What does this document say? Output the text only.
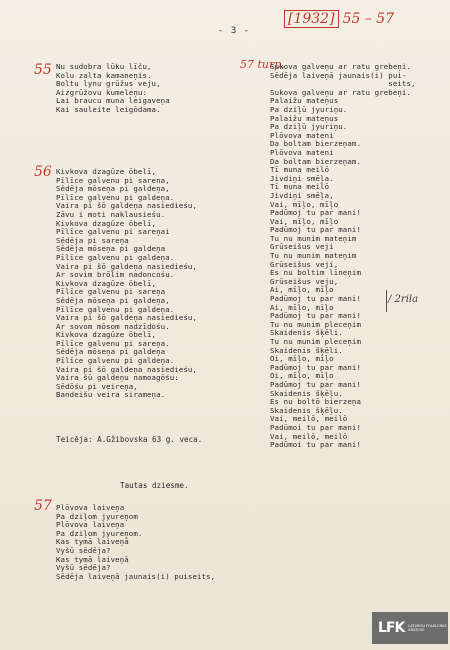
- 3 -
[1932] 55 – 57
55
56
57 turp.
57
Nu sudobra lūku līču,
Kolu zalta kamaneņis.
Boltu lynu grūžus veju,
Aizgrūžovu kumeleņu:
Lai braucu muna leigaveņa
Kai sauleite leigōdama.
Kivkova dzagūze ōbelī,
Pīlīce galvenu pi sarena,
Sēdēja mōseņa pi galdeņa,
Pīlīce galvenu pi galdeņa.
Vaira pi šō galdeņa nasiedieśu,
Zāvu i moti naklausieśu.
Kivkova dzagūze ōbelī,
Pīlīce galvenu pi sareņai
Sēdēja pi sareņa
Sēdēja mōseņa pi galdeņa
Pīlīce galvenu pi galdeņa.
Vaira pi šō galdeņa nasiedieśu,
Ar sovim brōlim nadoncośu.
Kivkova dzagūze ōbelī,
Pīlīce galvenu pi sareņa
Sēdēja mōseņa pi galdeņa,
Pīlīce galvenu pi galdeņa.
Vaira pi šō galdeņa nasiedieśu,
Ar sovom mōsom nadzīdośu.
Kivkova dzagūze ōbelī,
Pīlīce galvenu pi sareņa.
Sēdēja mōseņa pi galdeņa
Pīlīce galvenu pi galdeņa.
Vaira pi šō galdeņa nasiedieśu,
Vaira šū galdeņu namoagōśu:
Sēdōśu pi veireņa,
Bandeišu veira sirameņa.
Teicēja: A.Gžibovska 63 g. veca.
Tautas dziesme.
Plōvova laiveņa
Pa dziļom jyureņom
Plōvova laiveņa
Pa dziļom jyureņom.
Kas tymā laiveņā
Vyšū sēdēja?
Kas tymā laiveņā
Vyšū sēdēja?
Sēdēja laiveņā jaunais(i) puiseits,
Sukova galveņu ar ratu grebeņi.
Sēdēja laiveņā jaunais(i) pui-
seits,
Sukova galveņu ar ratu grebeņi.
Palaižu mateņus
Pa dziļū jyuriņu.
Palaižu mateņus
Pa dziļū jyuriņu.
Plōvova mateni
Da boltam bierzeņam.
Plōvova mateni
Da boltam bierzeņam.
Tī muna meilō
Jivdiņi smēļa.
Tī muna meilō
Jivdiņi smēļa,
Vai, mīļo, mīļo
Padūmoj tu par mani!
Vai, mīļo, mīļo
Padūmoj tu par mani!
Tu nu munim mateņim
Grūseišus veji
Tu nu munim mateņim
Grūseišus veji,
Es nu boltim līneņim
Grūseišus veju,
Ai, mīļo, mīļo
Padūmoj tu par mani!
Ai, mīļo, mīļo
Padūmoj tu par mani!
Tu nu munim pleceņim
Skaidenis šķēli.
Tu nu munim pleceņim
Skaidenis šķēli.
Oi, mīļo, mīļo
Padūmoj tu par mani!
Oi, mīļo, mīļo
Padūmoj tu par mani!
Skaidenis šķēļu.
Es nu boltō bierzeņa
Skaidenis šķēļu.
Vai, meilō, meilō
Padūmoi tu par mani!
Vai, meilō, meilō
Padūmoi tu par mani!
/ 2rila
LFK LATVIEŠU FOLKLORAS KRĀTUVE
